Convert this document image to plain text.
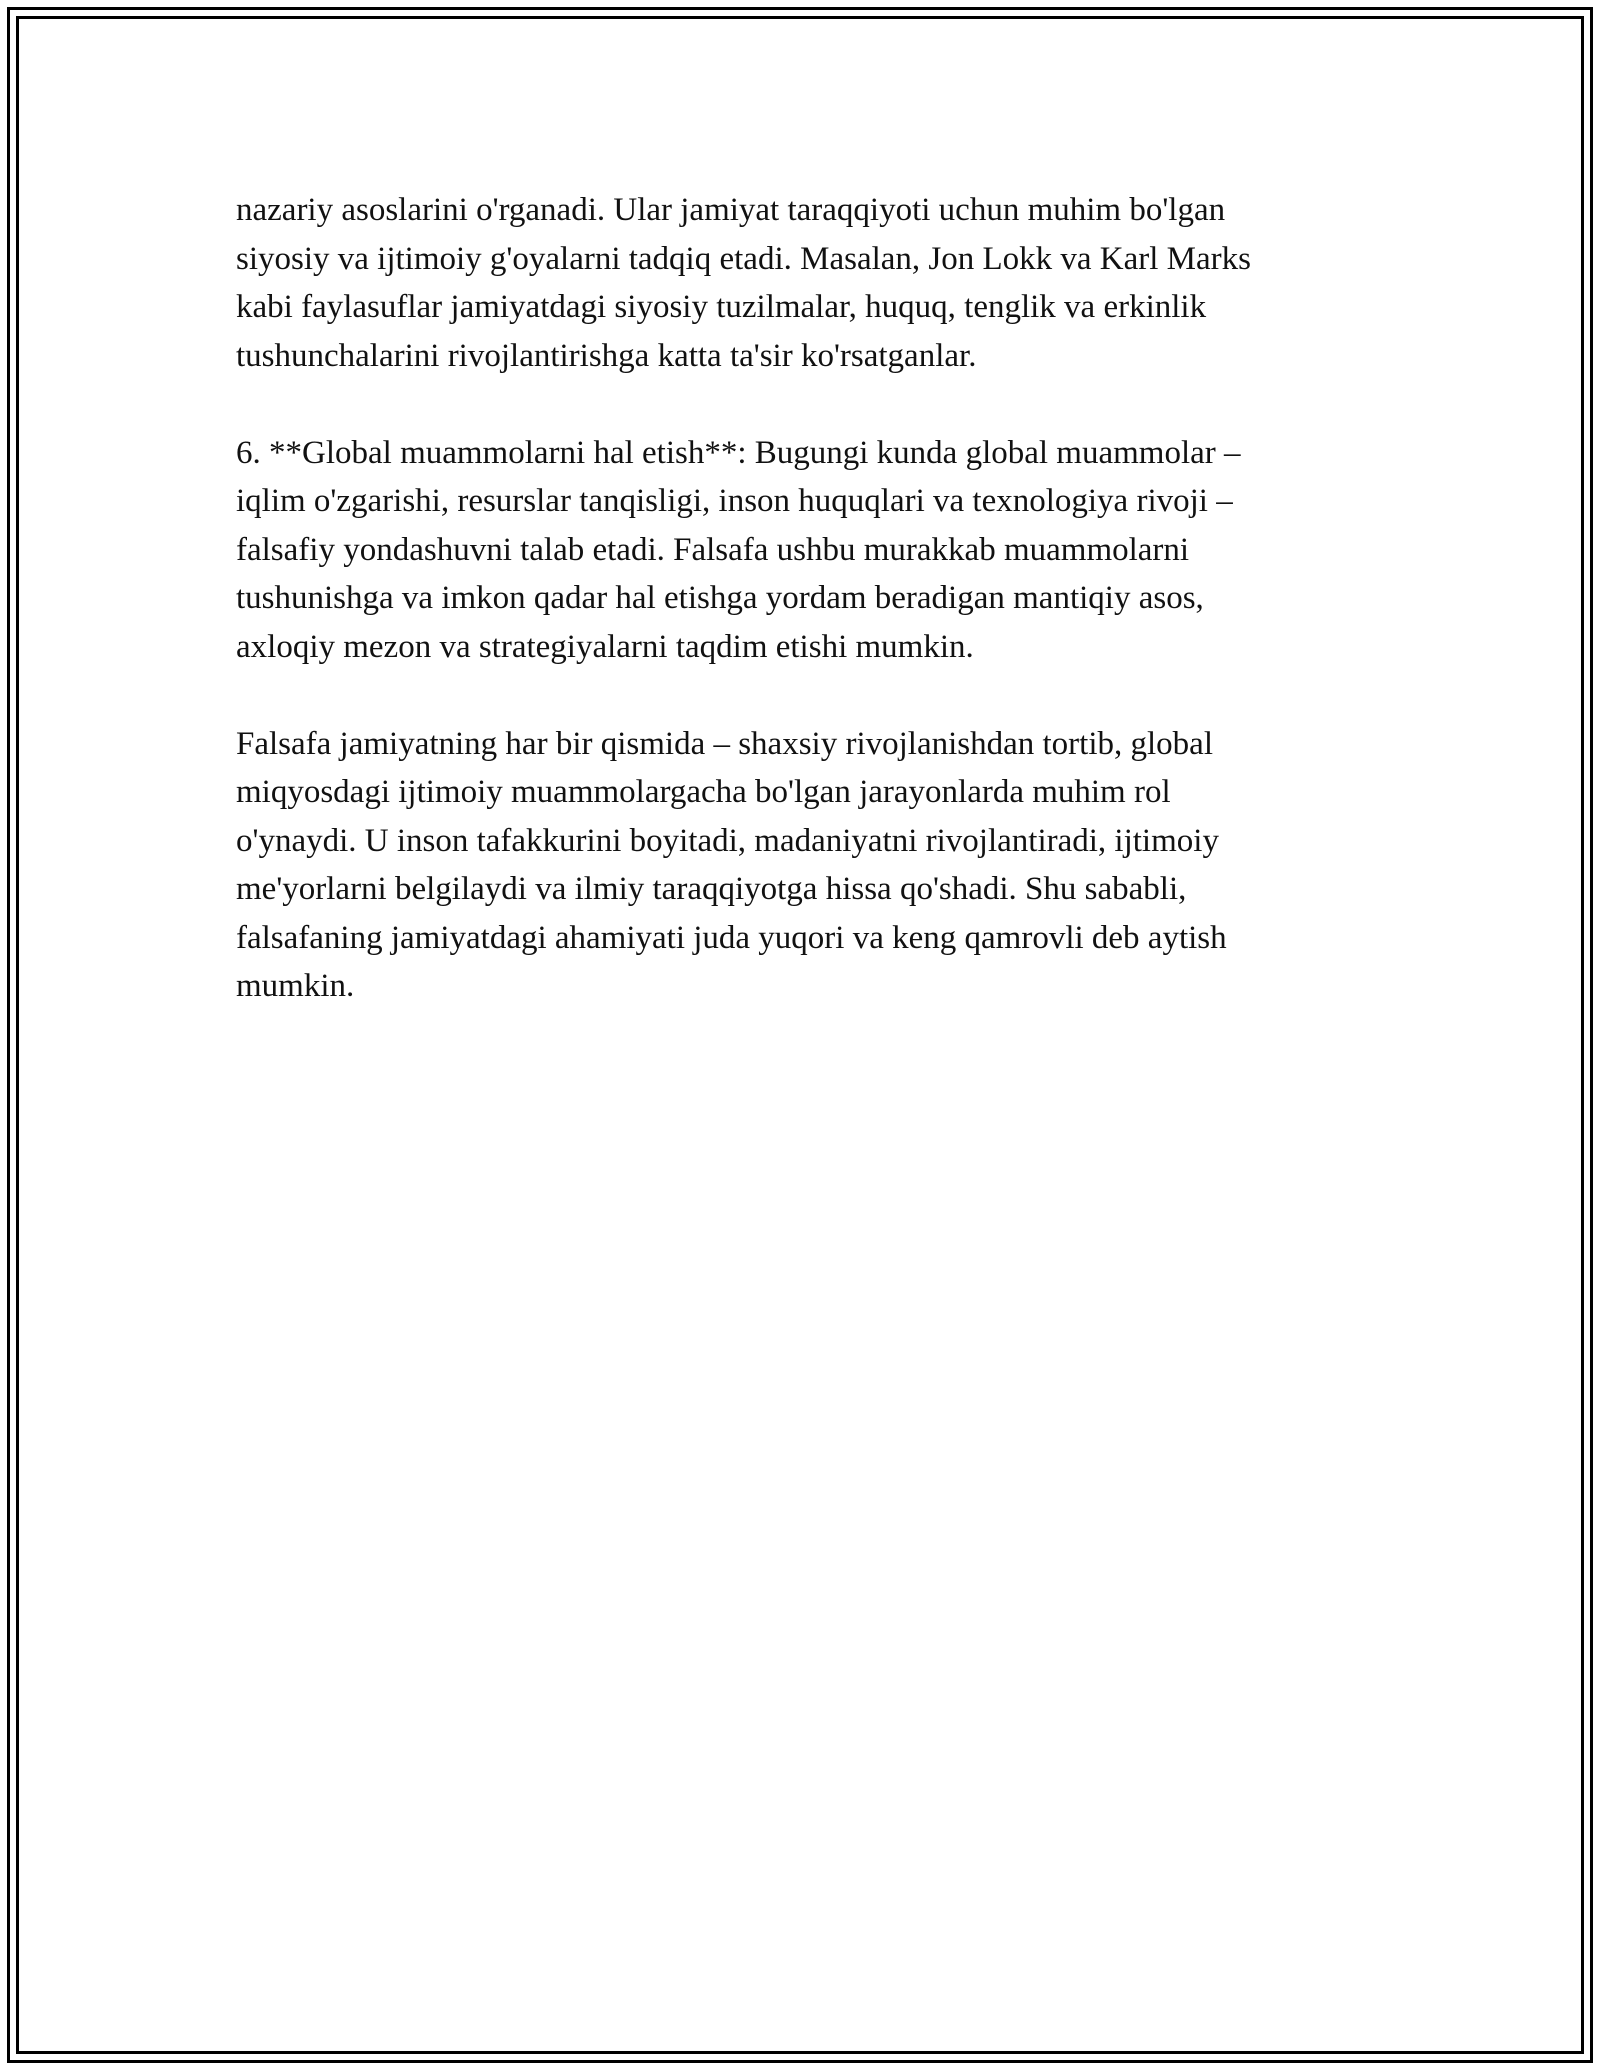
nazariy asoslarini o'rganadi. Ular jamiyat taraqqiyoti uchun muhim bo'lgan
siyosiy va ijtimoiy g'oyalarni tadqiq etadi. Masalan, Jon Lokk va Karl Marks
kabi faylasuflar jamiyatdagi siyosiy tuzilmalar, huquq, tenglik va erkinlik
tushunchalarini rivojlantirishga katta ta'sir ko'rsatganlar.

6. **Global muammolarni hal etish**: Bugungi kunda global muammolar –
iqlim o'zgarishi, resurslar tanqisligi, inson huquqlari va texnologiya rivoji –
falsafiy yondashuvni talab etadi. Falsafa ushbu murakkab muammolarni
tushunishga va imkon qadar hal etishga yordam beradigan mantiqiy asos,
axloqiy mezon va strategiyalarni taqdim etishi mumkin.

Falsafa jamiyatning har bir qismida – shaxsiy rivojlanishdan tortib, global
miqyosdagi ijtimoiy muammolargacha bo'lgan jarayonlarda muhim rol
o'ynaydi. U inson tafakkurini boyitadi, madaniyatni rivojlantiradi, ijtimoiy
me'yorlarni belgilaydi va ilmiy taraqqiyotga hissa qo'shadi. Shu sababli,
falsafaning jamiyatdagi ahamiyati juda yuqori va keng qamrovli deb aytish
mumkin.
